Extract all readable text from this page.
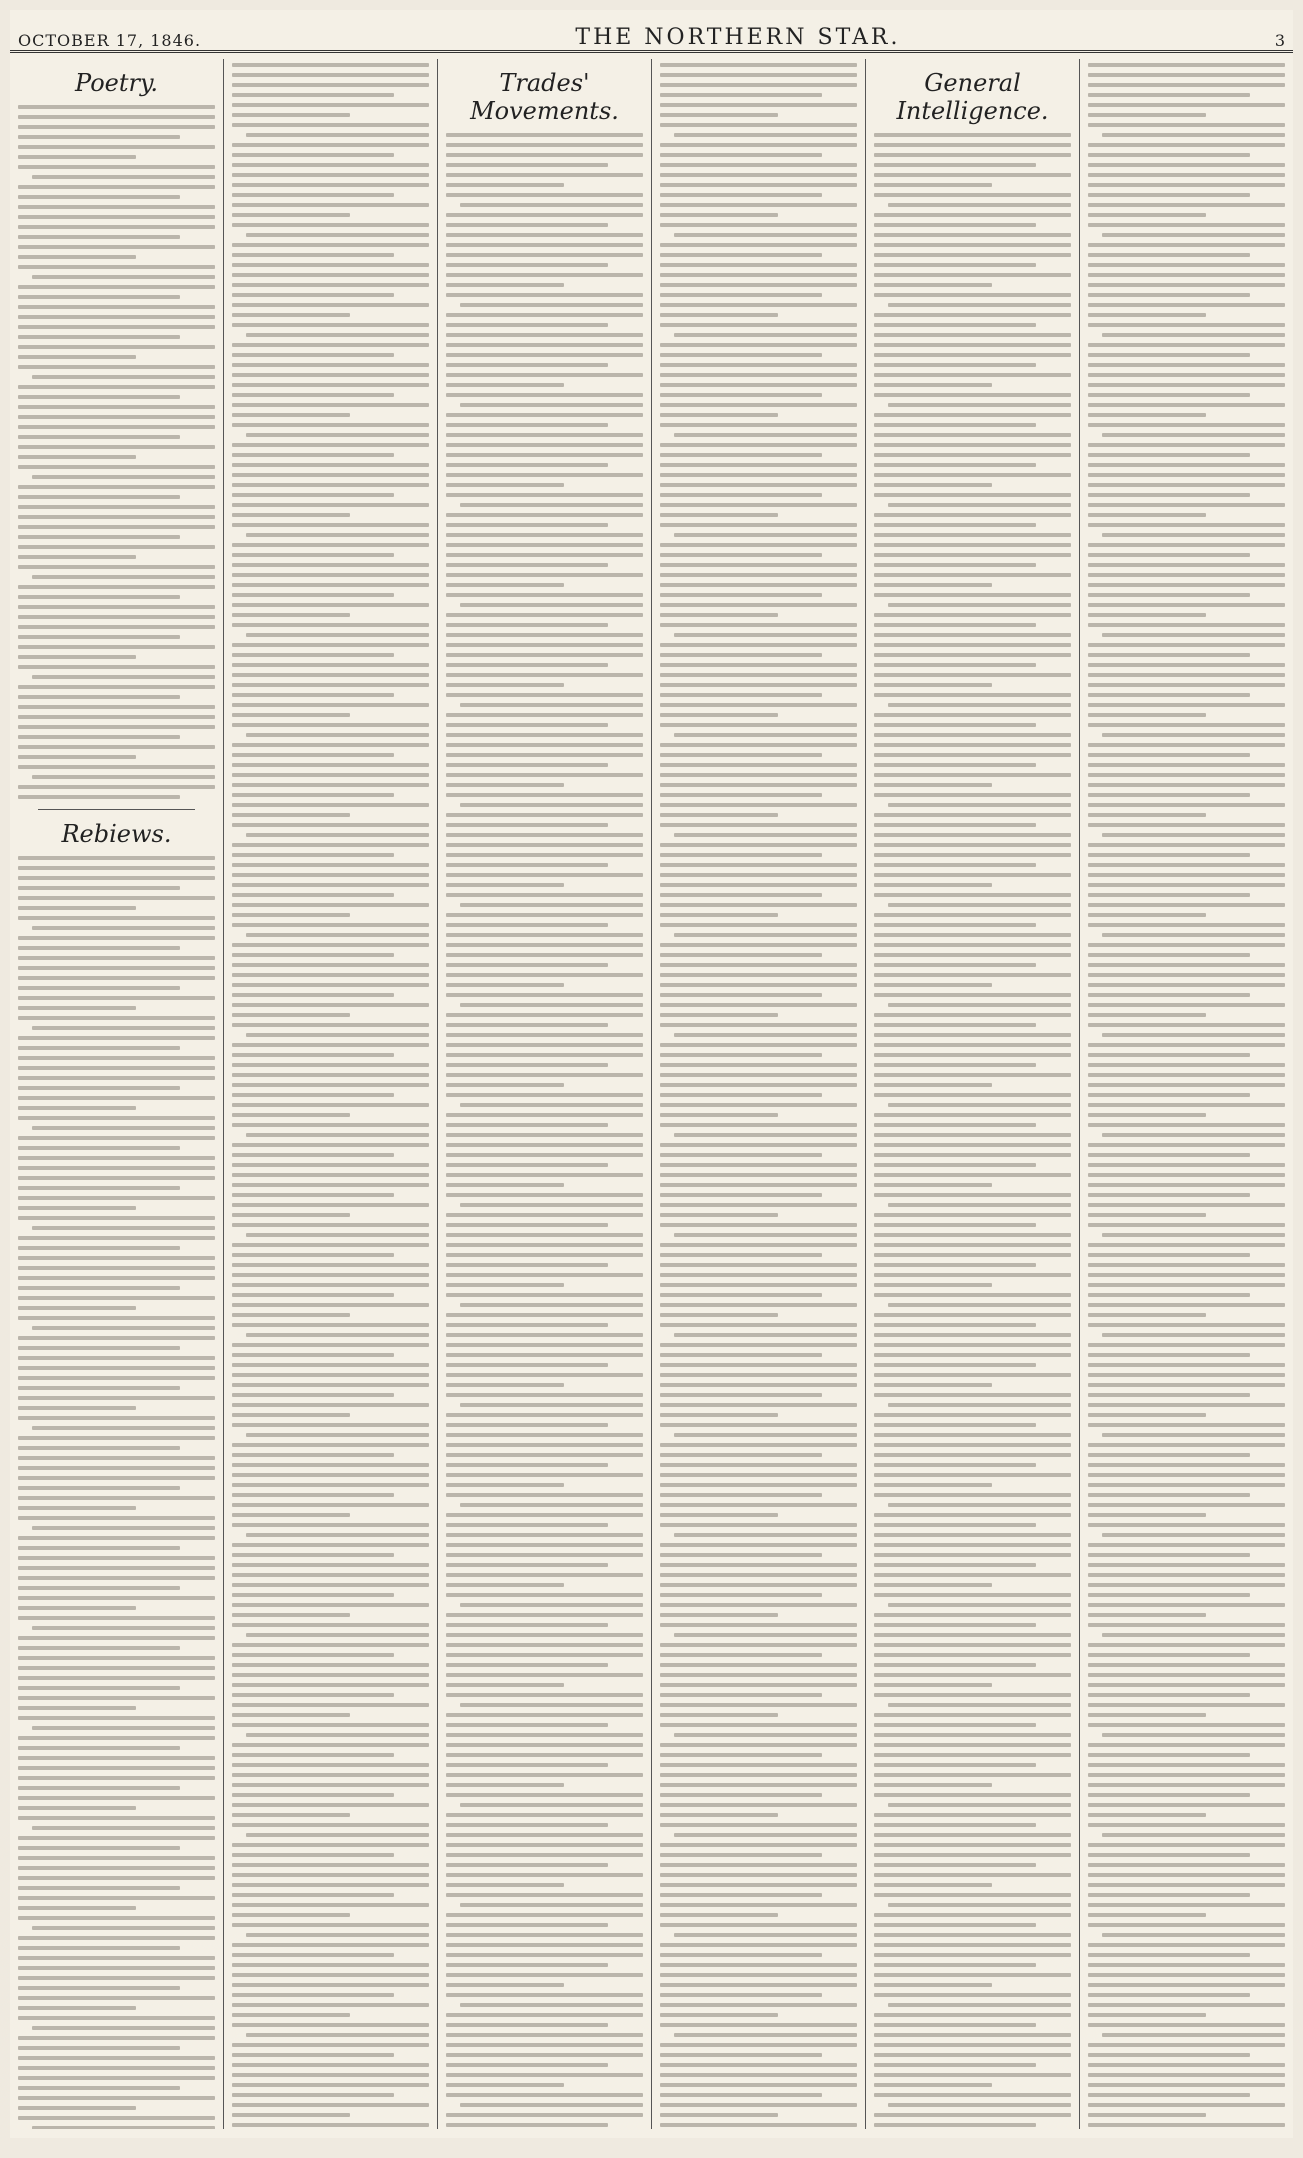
OCTOBER 17, 1846.	THE NORTHERN STAR.	3
Poetry.
Rebiews.
Trades' Movements.
General Intelligence.
